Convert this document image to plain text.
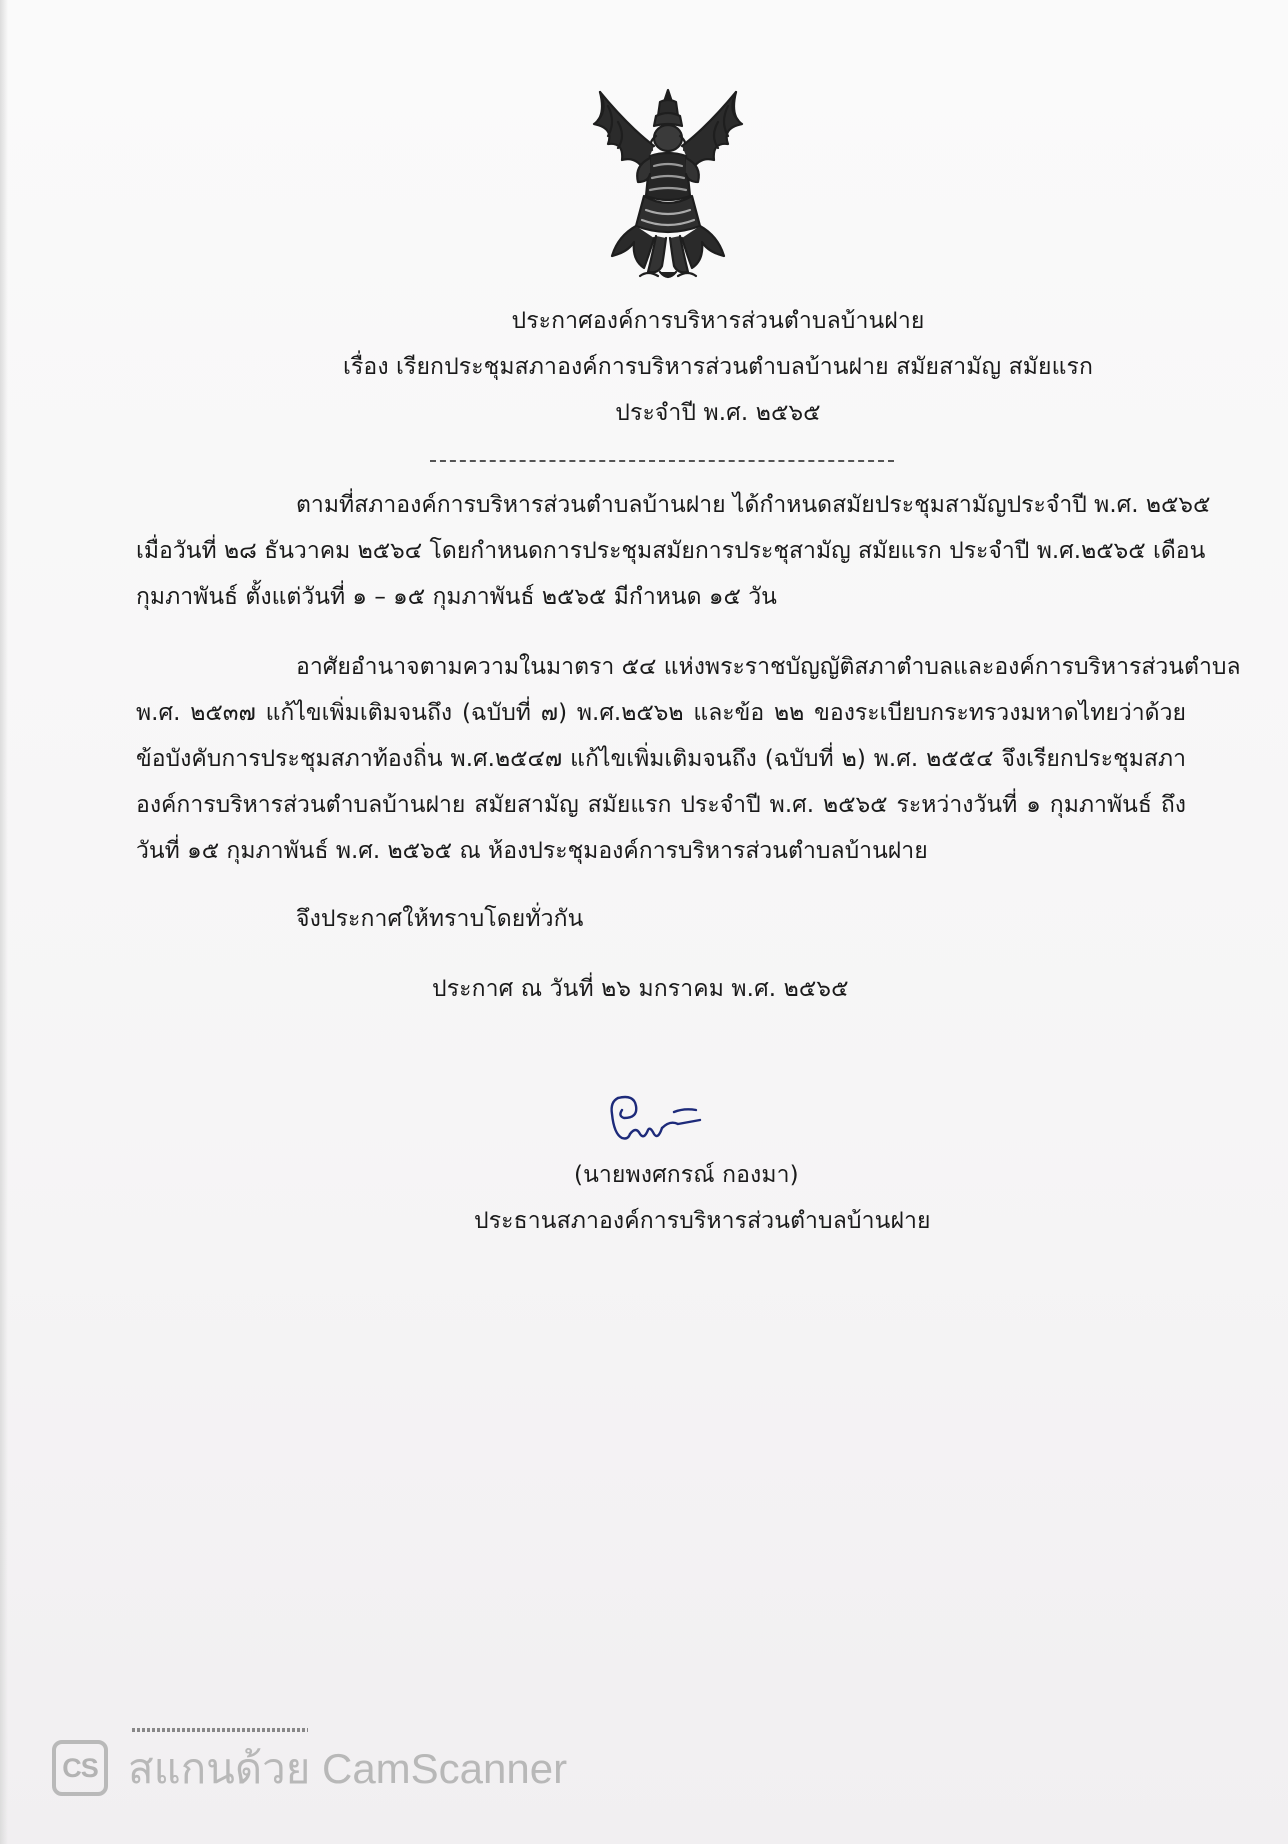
ประกาศองค์การบริหารส่วนตำบลบ้านฝาย
เรื่อง เรียกประชุมสภาองค์การบริหารส่วนตำบลบ้านฝาย สมัยสามัญ สมัยแรก
ประจำปี พ.ศ. ๒๕๖๕
ตามที่สภาองค์การบริหารส่วนตำบลบ้านฝาย ได้กำหนดสมัยประชุมสามัญประจำปี พ.ศ. ๒๕๖๕
เมื่อวันที่ ๒๘ ธันวาคม ๒๕๖๔ โดยกำหนดการประชุมสมัยการประชุสามัญ สมัยแรก ประจำปี พ.ศ.๒๕๖๕ เดือน
กุมภาพันธ์ ตั้งแต่วันที่ ๑ – ๑๕ กุมภาพันธ์ ๒๕๖๕ มีกำหนด ๑๕ วัน
อาศัยอำนาจตามความในมาตรา ๕๔ แห่งพระราชบัญญัติสภาตำบลและองค์การบริหารส่วนตำบล
พ.ศ. ๒๕๓๗ แก้ไขเพิ่มเติมจนถึง (ฉบับที่ ๗) พ.ศ.๒๕๖๒ และข้อ ๒๒ ของระเบียบกระทรวงมหาดไทยว่าด้วย
ข้อบังคับการประชุมสภาท้องถิ่น พ.ศ.๒๕๔๗ แก้ไขเพิ่มเติมจนถึง (ฉบับที่ ๒) พ.ศ. ๒๕๕๔ จึงเรียกประชุมสภา
องค์การบริหารส่วนตำบลบ้านฝาย สมัยสามัญ สมัยแรก ประจำปี พ.ศ. ๒๕๖๕ ระหว่างวันที่ ๑ กุมภาพันธ์ ถึง
วันที่ ๑๕ กุมภาพันธ์ พ.ศ. ๒๕๖๕ ณ ห้องประชุมองค์การบริหารส่วนตำบลบ้านฝาย
จึงประกาศให้ทราบโดยทั่วกัน
ประกาศ ณ วันที่ ๒๖ มกราคม พ.ศ. ๒๕๖๕
(นายพงศกรณ์ กองมา)
ประธานสภาองค์การบริหารส่วนตำบลบ้านฝาย
CS สแกนด้วย CamScanner
